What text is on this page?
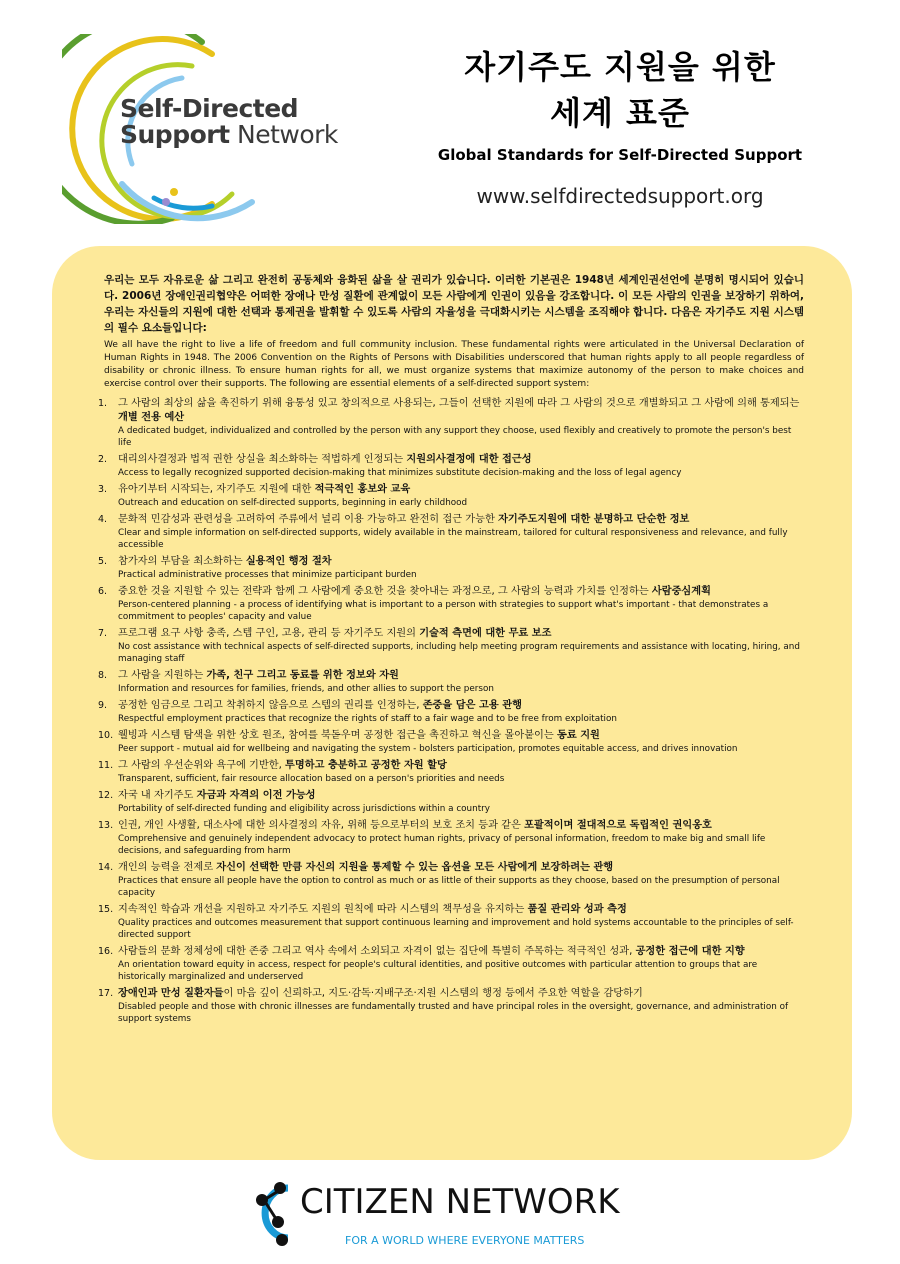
Self-Directed
Support Network
자기주도 지원을 위한
세계 표준
Global Standards for Self-Directed Support
www.selfdirectedsupport.org

우리는 모두 자유로운 삶 그리고 완전히 공동체와 융화된 삶을 살 권리가 있습니다. 이러한 기본권은 1948년 세계인권선언에 분명히 명시되어 있습니다. 2006년 장애인권리협약은 어떠한 장애나 만성 질환에 관계없이 모든 사람에게 인권이 있음을 강조합니다. 이 모든 사람의 인권을 보장하기 위하여, 우리는 자신들의 지원에 대한 선택과 통제권을 발휘할 수 있도록 사람의 자율성을 극대화시키는 시스템을 조직해야 합니다. 다음은 자기주도 지원 시스템의 필수 요소들입니다:

We all have the right to live a life of freedom and full community inclusion. These fundamental rights were articulated in the Universal Declaration of Human Rights in 1948. The 2006 Convention on the Rights of Persons with Disabilities underscored that human rights apply to all people regardless of disability or chronic illness. To ensure human rights for all, we must organize systems that maximize autonomy of the person to make choices and exercise control over their supports. The following are essential elements of a self-directed support system:

1. 그 사람의 최상의 삶을 촉진하기 위해 융통성 있고 창의적으로 사용되는, 그들이 선택한 지원에 따라 그 사람의 것으로 개별화되고 그 사람에 의해 통제되는 개별 전용 예산
A dedicated budget, individualized and controlled by the person with any support they choose, used flexibly and creatively to promote the person's best life
2. 대리의사결정과 법적 권한 상실을 최소화하는 적법하게 인정되는 지원의사결정에 대한 접근성
Access to legally recognized supported decision-making that minimizes substitute decision-making and the loss of legal agency
3. 유아기부터 시작되는, 자기주도 지원에 대한 적극적인 홍보와 교육
Outreach and education on self-directed supports, beginning in early childhood
4. 문화적 민감성과 관련성을 고려하여 주류에서 널리 이용 가능하고 완전히 접근 가능한 자기주도지원에 대한 분명하고 단순한 정보
Clear and simple information on self-directed supports, widely available in the mainstream, tailored for cultural responsiveness and relevance, and fully accessible
5. 참가자의 부담을 최소화하는 실용적인 행정 절차
Practical administrative processes that minimize participant burden
6. 중요한 것을 지원할 수 있는 전략과 함께 그 사람에게 중요한 것을 찾아내는 과정으로, 그 사람의 능력과 가치를 인정하는 사람중심계획
Person-centered planning - a process of identifying what is important to a person with strategies to support what's important - that demonstrates a commitment to peoples' capacity and value
7. 프로그램 요구 사항 충족, 스텝 구인, 고용, 관리 등 자기주도 지원의 기술적 측면에 대한 무료 보조
No cost assistance with technical aspects of self-directed supports, including help meeting program requirements and assistance with locating, hiring, and managing staff
8. 그 사람을 지원하는 가족, 친구 그리고 동료를 위한 정보와 자원
Information and resources for families, friends, and other allies to support the person
9. 공정한 임금으로 그리고 착취하지 않음으로 스텝의 권리를 인정하는, 존중을 담은 고용 관행
Respectful employment practices that recognize the rights of staff to a fair wage and to be free from exploitation
10. 웰빙과 시스템 탐색을 위한 상호 원조, 참여를 북돋우며 공정한 접근을 촉진하고 혁신을 몰아붙이는 동료 지원
Peer support - mutual aid for wellbeing and navigating the system - bolsters participation, promotes equitable access, and drives innovation
11. 그 사람의 우선순위와 욕구에 기반한, 투명하고 충분하고 공정한 자원 할당
Transparent, sufficient, fair resource allocation based on a person's priorities and needs
12. 자국 내 자기주도 자금과 자격의 이전 가능성
Portability of self-directed funding and eligibility across jurisdictions within a country
13. 인권, 개인 사생활, 대소사에 대한 의사결정의 자유, 위해 등으로부터의 보호 조치 등과 같은 포괄적이며 절대적으로 독립적인 권익옹호
Comprehensive and genuinely independent advocacy to protect human rights, privacy of personal information, freedom to make big and small life decisions, and safeguarding from harm
14. 개인의 능력을 전제로 자신이 선택한 만큼 자신의 지원을 통제할 수 있는 옵션을 모든 사람에게 보장하려는 관행
Practices that ensure all people have the option to control as much or as little of their supports as they choose, based on the presumption of personal capacity
15. 지속적인 학습과 개선을 지원하고 자기주도 지원의 원칙에 따라 시스템의 책무성을 유지하는 품질 관리와 성과 측정
Quality practices and outcomes measurement that support continuous learning and improvement and hold systems accountable to the principles of self-directed support
16. 사람들의 문화 정체성에 대한 존중 그리고 역사 속에서 소외되고 자격이 없는 집단에 특별히 주목하는 적극적인 성과, 공정한 접근에 대한 지향
An orientation toward equity in access, respect for people's cultural identities, and positive outcomes with particular attention to groups that are historically marginalized and underserved
17. 장애인과 만성 질환자들이 마음 깊이 신뢰하고, 지도·감독·지배구조·지원 시스템의 행정 등에서 주요한 역할을 감당하기
Disabled people and those with chronic illnesses are fundamentally trusted and have principal roles in the oversight, governance, and administration of support systems
CITIZEN NETWORK
FOR A WORLD WHERE EVERYONE MATTERS
